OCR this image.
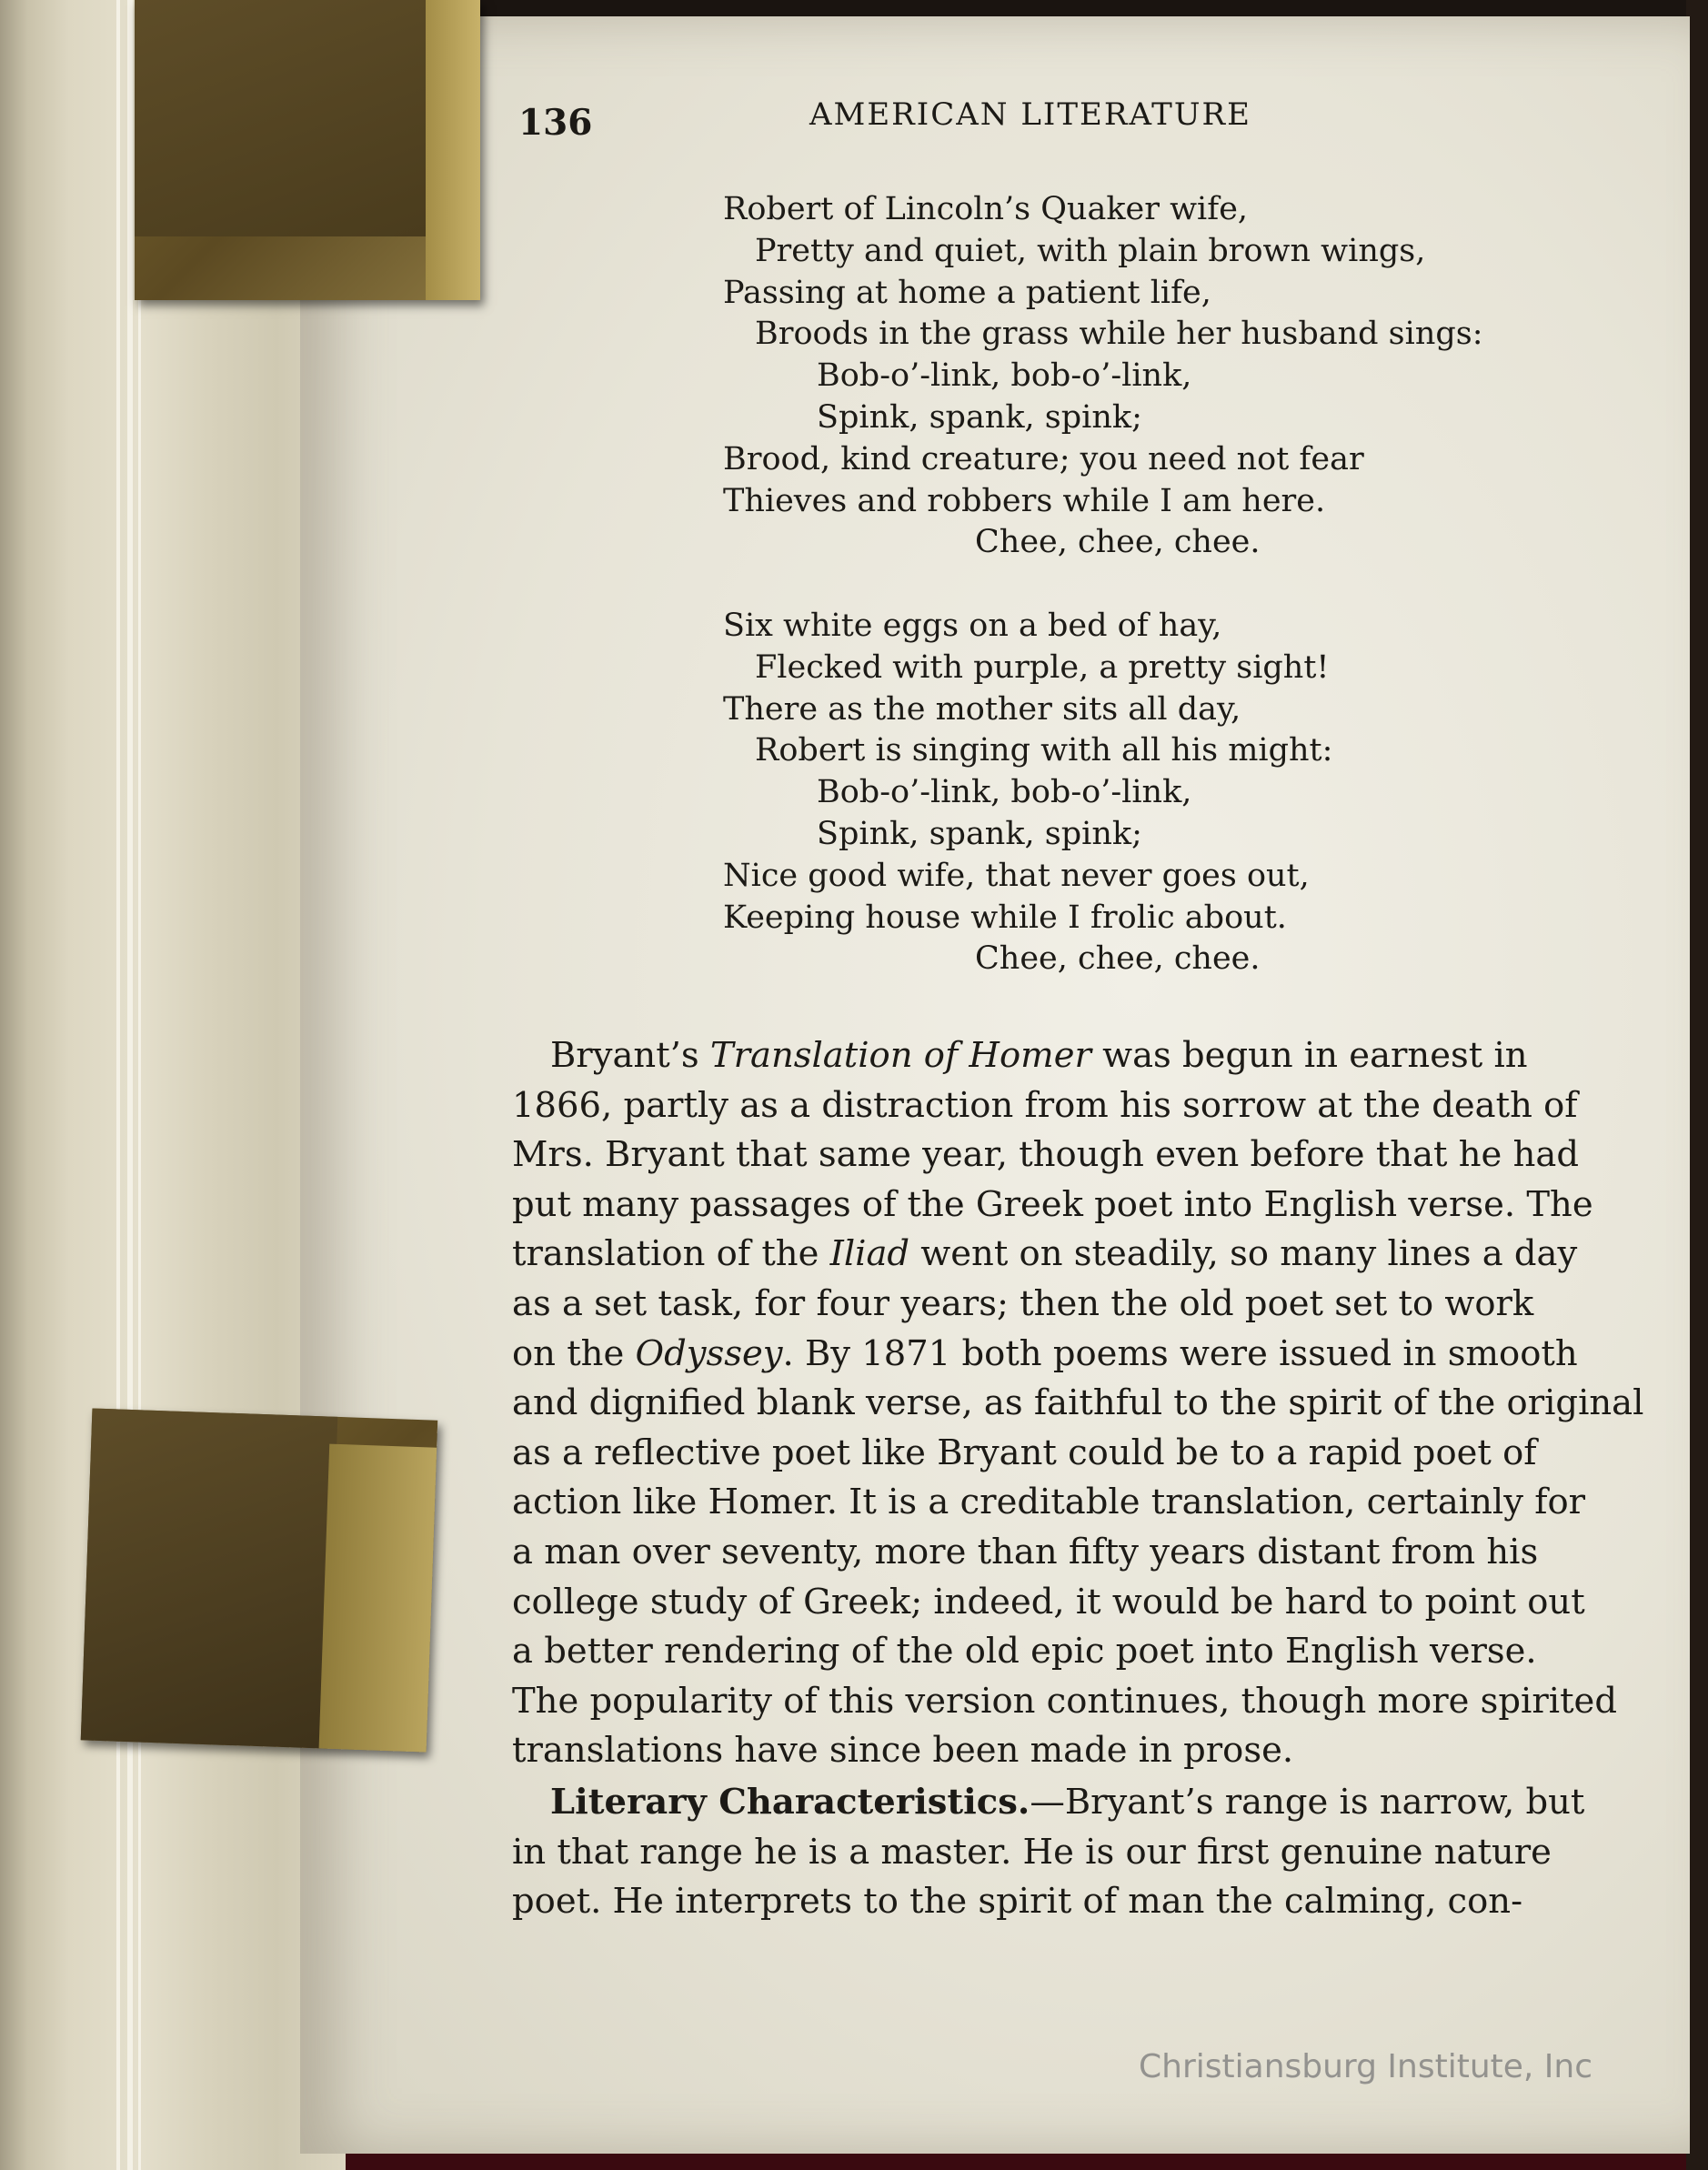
136	AMERICAN LITERATURE
Robert of Lincoln’s Quaker wife,
Pretty and quiet, with plain brown wings,
Passing at home a patient life,
Broods in the grass while her husband sings:
Bob-o’-link, bob-o’-link,
Spink, spank, spink;
Brood, kind creature; you need not fear
Thieves and robbers while I am here.
Chee, chee, chee.
Six white eggs on a bed of hay,
Flecked with purple, a pretty sight!
There as the mother sits all day,
Robert is singing with all his might:
Bob-o’-link, bob-o’-link,
Spink, spank, spink;
Nice good wife, that never goes out,
Keeping house while I frolic about.
Chee, chee, chee.
Bryant’s Translation of Homer was begun in earnest in
1866, partly as a distraction from his sorrow at the death of
Mrs. Bryant that same year, though even before that he had
put many passages of the Greek poet into English verse. The
translation of the Iliad went on steadily, so many lines a day
as a set task, for four years; then the old poet set to work
on the Odyssey. By 1871 both poems were issued in smooth
and dignified blank verse, as faithful to the spirit of the original
as a reflective poet like Bryant could be to a rapid poet of
action like Homer. It is a creditable translation, certainly for
a man over seventy, more than fifty years distant from his
college study of Greek; indeed, it would be hard to point out
a better rendering of the old epic poet into English verse.
The popularity of this version continues, though more spirited
translations have since been made in prose.
Literary Characteristics.—Bryant’s range is narrow, but
in that range he is a master. He is our first genuine nature
poet. He interprets to the spirit of man the calming, con-
Christiansburg Institute, Inc
